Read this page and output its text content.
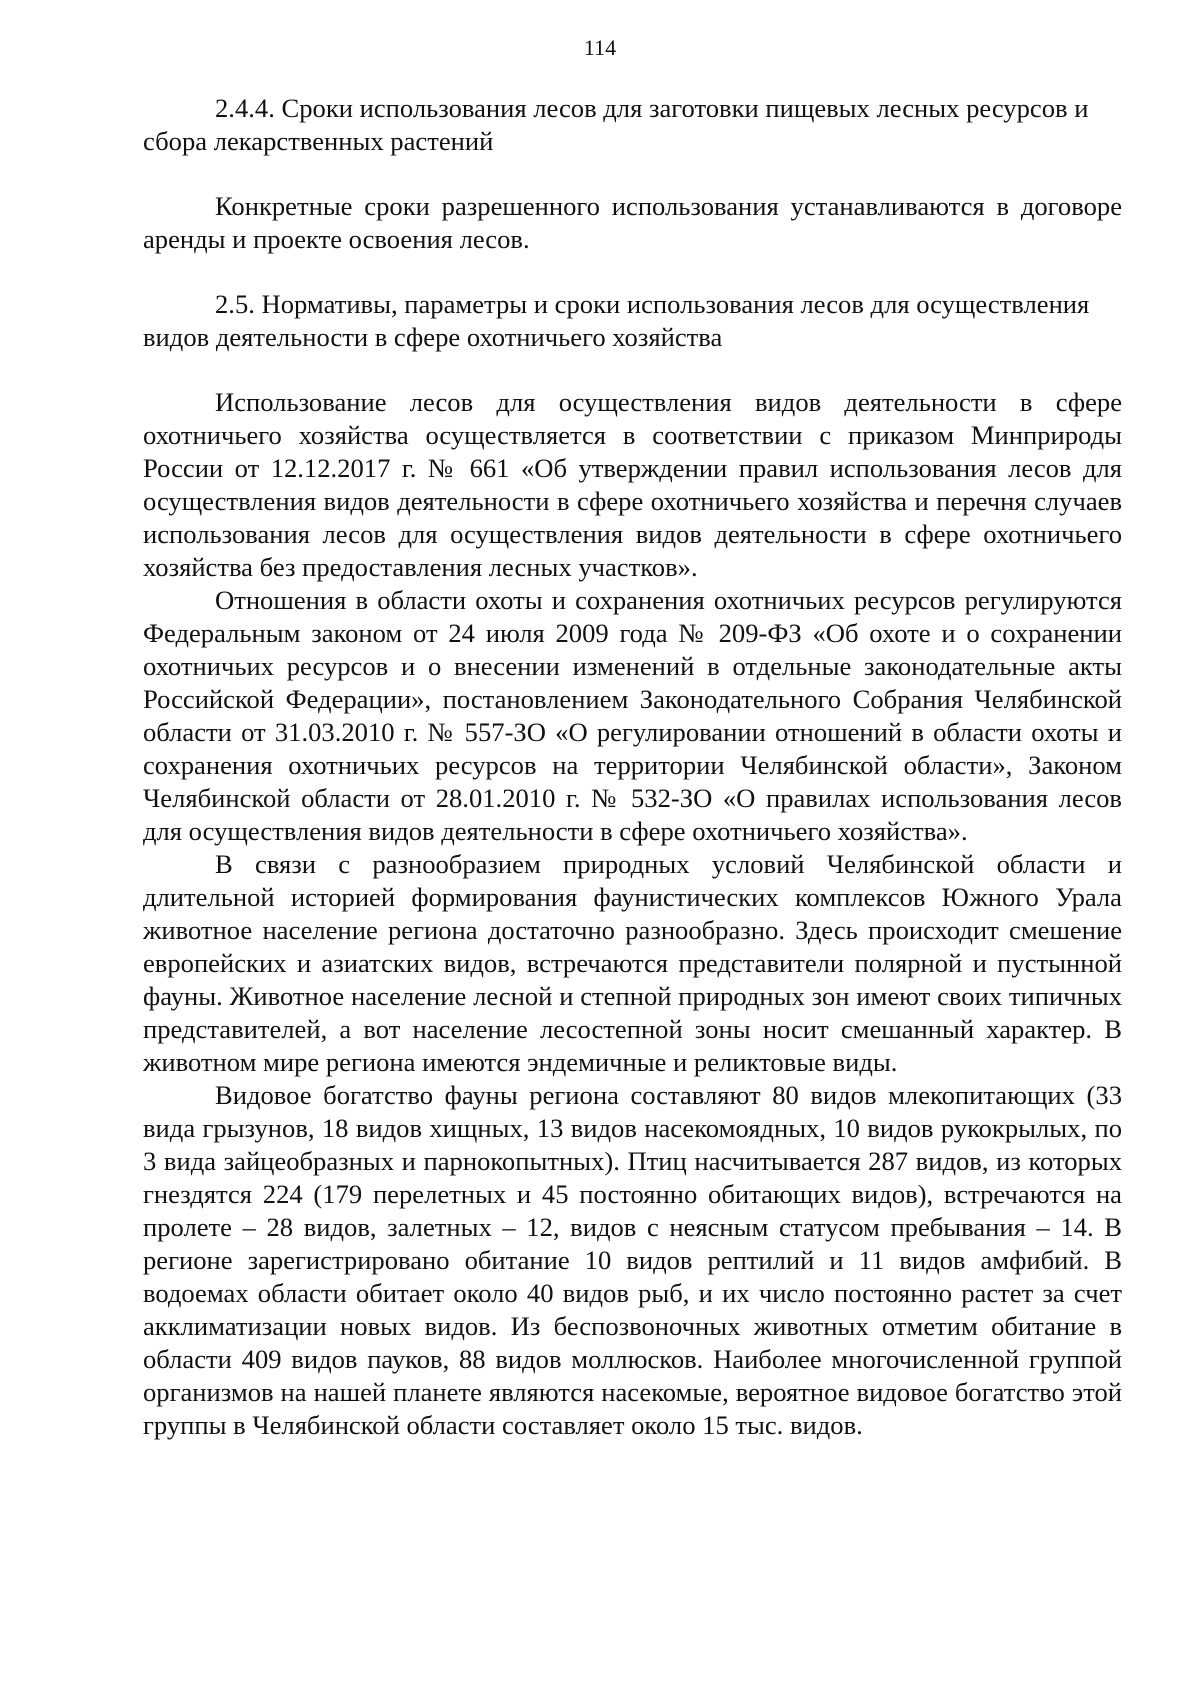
114

2.4.4. Сроки использования лесов для заготовки пищевых лесных ресурсов и сбора лекарственных растений

Конкретные сроки разрешенного использования устанавливаются в договоре аренды и проекте освоения лесов.

2.5. Нормативы, параметры и сроки использования лесов для осуществления видов деятельности в сфере охотничьего хозяйства

Использование лесов для осуществления видов деятельности в сфере охотничьего хозяйства осуществляется в соответствии с приказом Минприроды России от 12.12.2017 г. № 661 «Об утверждении правил использования лесов для осуществления видов деятельности в сфере охотничьего хозяйства и перечня случаев использования лесов для осуществления видов деятельности в сфере охотничьего хозяйства без предоставления лесных участков».

Отношения в области охоты и сохранения охотничьих ресурсов регулируются Федеральным законом от 24 июля 2009 года № 209-ФЗ «Об охоте и о сохранении охотничьих ресурсов и о внесении изменений в отдельные законодательные акты Российской Федерации», постановлением Законодательного Собрания Челябинской области от 31.03.2010 г. № 557-ЗО «О регулировании отношений в области охоты и сохранения охотничьих ресурсов на территории Челябинской области», Законом Челябинской области от 28.01.2010 г. № 532-ЗО «О правилах использования лесов для осуществления видов деятельности в сфере охотничьего хозяйства».

В связи с разнообразием природных условий Челябинской области и длительной историей формирования фаунистических комплексов Южного Урала животное население региона достаточно разнообразно. Здесь происходит смешение европейских и азиатских видов, встречаются представители полярной и пустынной фауны. Животное население лесной и степной природных зон имеют своих типичных представителей, а вот население лесостепной зоны носит смешанный характер. В животном мире региона имеются эндемичные и реликтовые виды.

Видовое богатство фауны региона составляют 80 видов млекопитающих (33 вида грызунов, 18 видов хищных, 13 видов насекомоядных, 10 видов рукокрылых, по 3 вида зайцеобразных и парнокопытных). Птиц насчитывается 287 видов, из которых гнездятся 224 (179 перелетных и 45 постоянно обитающих видов), встречаются на пролете – 28 видов, залетных – 12, видов с неясным статусом пребывания – 14. В регионе зарегистрировано обитание 10 видов рептилий и 11 видов амфибий. В водоемах области обитает около 40 видов рыб, и их число постоянно растет за счет акклиматизации новых видов. Из беспозвоночных животных отметим обитание в области 409 видов пауков, 88 видов моллюсков. Наиболее многочисленной группой организмов на нашей планете являются насекомые, вероятное видовое богатство этой группы в Челябинской области составляет около 15 тыс. видов.
